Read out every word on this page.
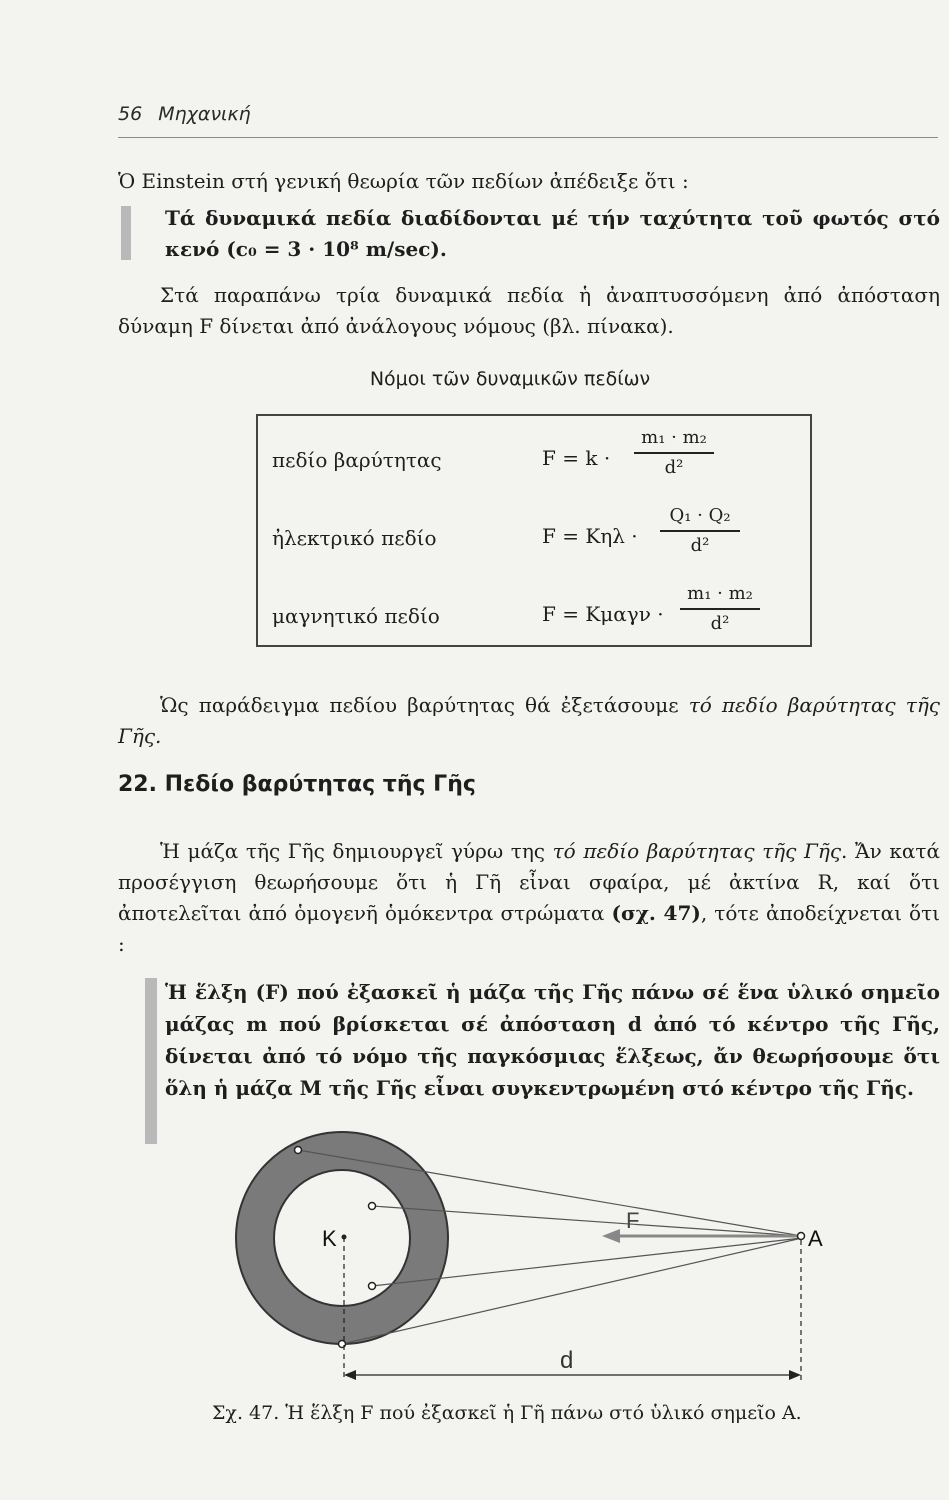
56 Μηχανική
Ὁ Einstein στή γενική θεωρία τῶν πεδίων ἀπέδειξε ὅτι :
Τά δυναμικά πεδία διαδίδονται μέ τήν ταχύτητα τοῦ φωτός στό κενό (c₀ = 3 · 10⁸ m/sec).
Στά παραπάνω τρία δυναμικά πεδία ἡ ἀναπτυσσόμενη ἀπό ἀπόσταση δύναμη F δίνεται ἀπό ἀνάλογους νόμους (βλ. πίνακα).
Νόμοι τῶν δυναμικῶν πεδίων
πεδίο βαρύτητας	F = k ·
m₁ · m₂
d²
ἠλεκτρικό πεδίο	F = Kηλ ·
Q₁ · Q₂
d²
μαγνητικό πεδίο	F = Kμαγν ·
m₁ · m₂
d²
Ὡς παράδειγμα πεδίου βαρύτητας θά ἐξετάσουμε τό πεδίο βαρύτητας τῆς Γῆς.
22. Πεδίο βαρύτητας τῆς Γῆς
Ἡ μάζα τῆς Γῆς δημιουργεῖ γύρω της τό πεδίο βαρύτητας τῆς Γῆς. Ἄν κατά προσέγγιση θεωρήσουμε ὅτι ἡ Γῆ εἶναι σφαίρα, μέ ἀκτίνα R, καί ὅτι ἀποτελεῖται ἀπό ὁμογενῆ ὁμόκεντρα στρώματα (σχ. 47), τότε ἀποδείχνεται ὅτι :
Ἡ ἕλξη (F) πού ἐξασκεῖ ἡ μάζα τῆς Γῆς πάνω σέ ἕνα ὑλικό σημεῖο μάζας m πού βρίσκεται σέ ἀπόσταση d ἀπό τό κέντρο τῆς Γῆς, δίνεται ἀπό τό νόμο τῆς παγκόσμιας ἕλξεως, ἄν θεωρήσουμε ὅτι ὅλη ἡ μάζα Μ τῆς Γῆς εἶναι συγκεντρωμένη στό κέντρο τῆς Γῆς.
K	A
F
d
Σχ. 47. Ἡ ἕλξη F πού ἐξασκεῖ ἡ Γῆ πάνω στό ὑλικό σημεῖο Α.
